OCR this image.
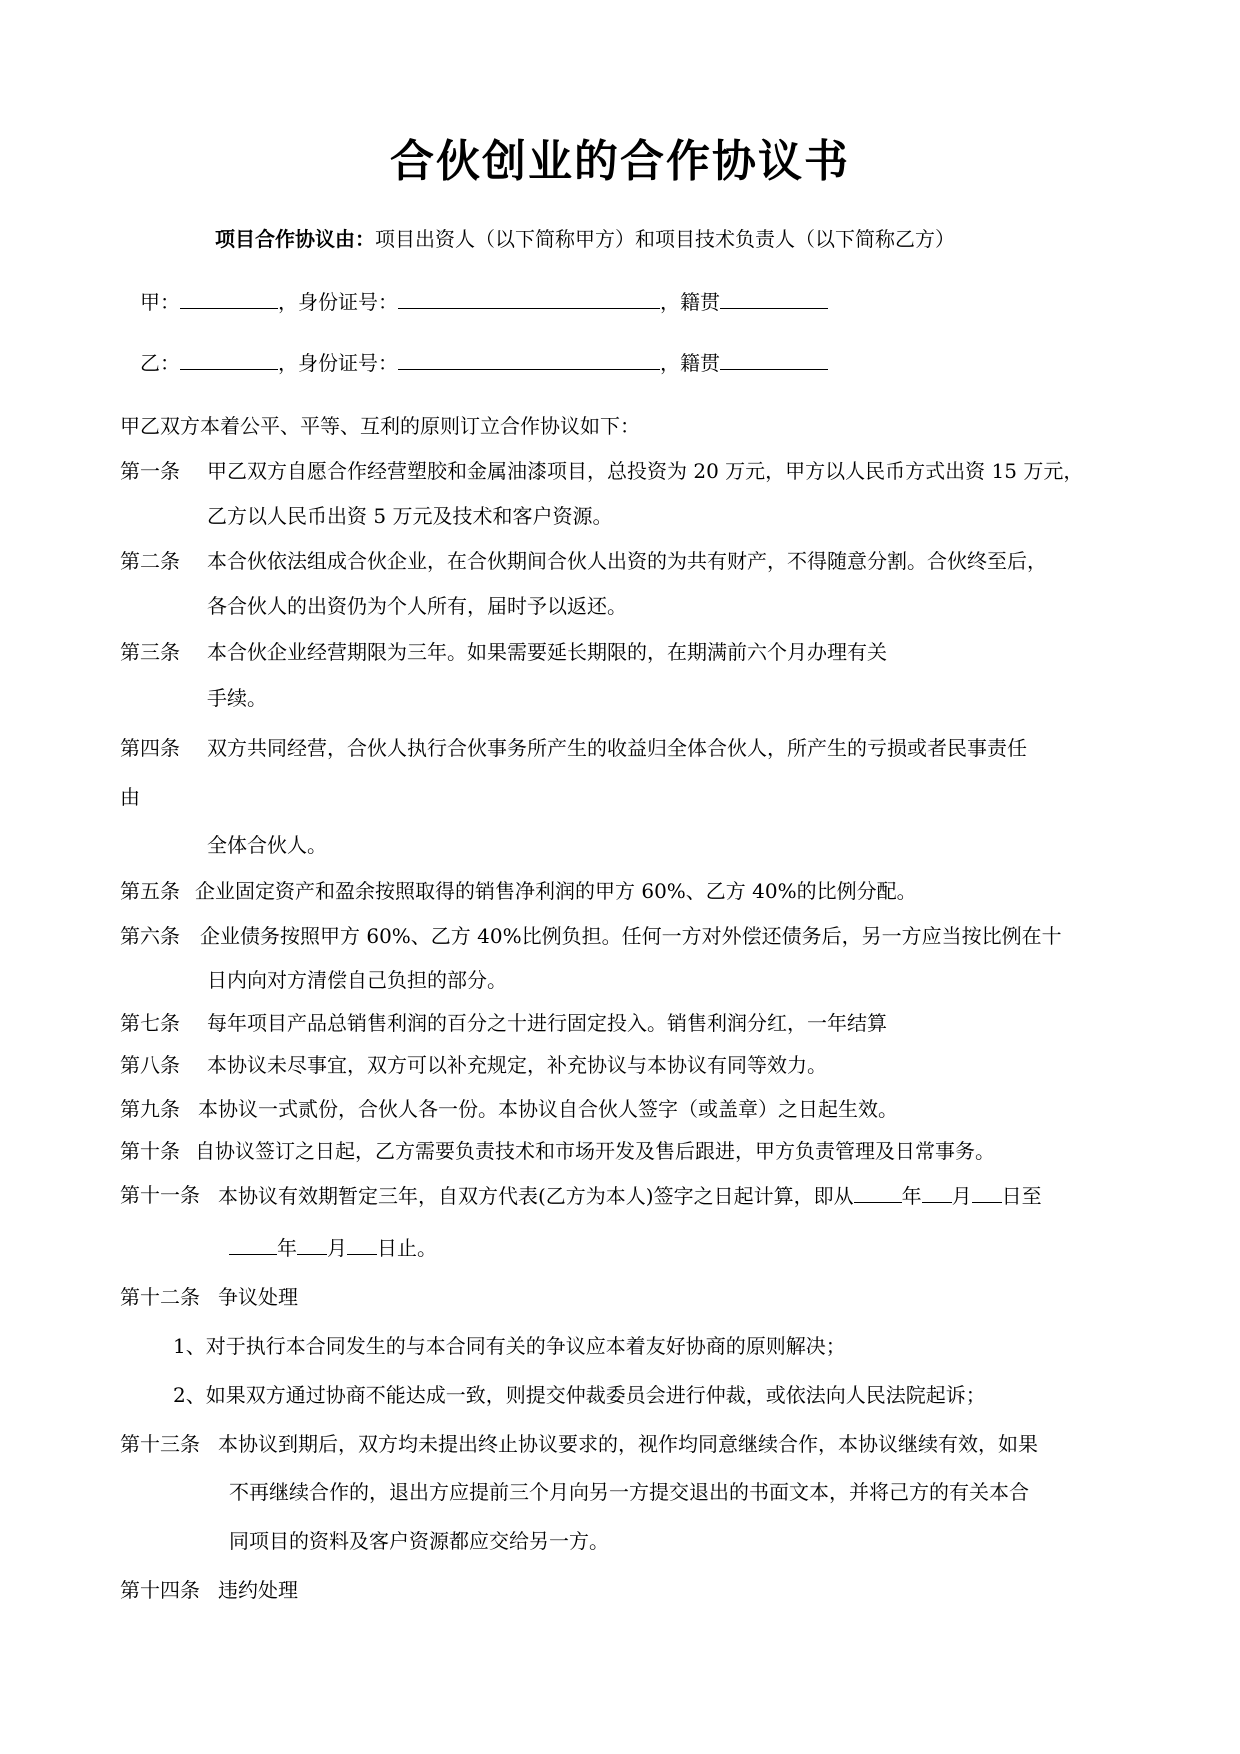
合伙创业的合作协议书
项目合作协议由：项目出资人（以下简称甲方）和项目技术负责人（以下简称乙方）
甲：	，身份证号：	，籍贯
乙：	，身份证号：	，籍贯
甲乙双方本着公平、平等、互利的原则订立合作协议如下：
第一条 甲乙双方自愿合作经营塑胶和金属油漆项目，总投资为 20 万元，甲方以人民币方式出资 15 万元，
乙方以人民币出资 5 万元及技术和客户资源。
第二条 本合伙依法组成合伙企业，在合伙期间合伙人出资的为共有财产，不得随意分割。合伙终至后，
各合伙人的出资仍为个人所有，届时予以返还。
第三条 本合伙企业经营期限为三年。如果需要延长期限的，在期满前六个月办理有关
手续。
第四条 双方共同经营，合伙人执行合伙事务所产生的收益归全体合伙人，所产生的亏损或者民事责任
由
全体合伙人。
第五条 企业固定资产和盈余按照取得的销售净利润的甲方 60%、乙方 40%的比例分配。
第六条 企业债务按照甲方 60%、乙方 40%比例负担。任何一方对外偿还债务后，另一方应当按比例在十
日内向对方清偿自己负担的部分。
第七条 每年项目产品总销售利润的百分之十进行固定投入。销售利润分红，一年结算
第八条 本协议未尽事宜，双方可以补充规定，补充协议与本协议有同等效力。
第九条 本协议一式贰份，合伙人各一份。本协议自合伙人签字（或盖章）之日起生效。
第十条 自协议签订之日起，乙方需要负责技术和市场开发及售后跟进，甲方负责管理及日常事务。
第十一条 本协议有效期暂定三年，自双方代表(乙方为本人)签字之日起计算，即从 年 月 日至
年 月 日止。
第十二条 争议处理
1、对于执行本合同发生的与本合同有关的争议应本着友好协商的原则解决；
2、如果双方通过协商不能达成一致，则提交仲裁委员会进行仲裁，或依法向人民法院起诉；
第十三条 本协议到期后，双方均未提出终止协议要求的，视作均同意继续合作，本协议继续有效，如果
不再继续合作的，退出方应提前三个月向另一方提交退出的书面文本，并将己方的有关本合
同项目的资料及客户资源都应交给另一方。
第十四条 违约处理
